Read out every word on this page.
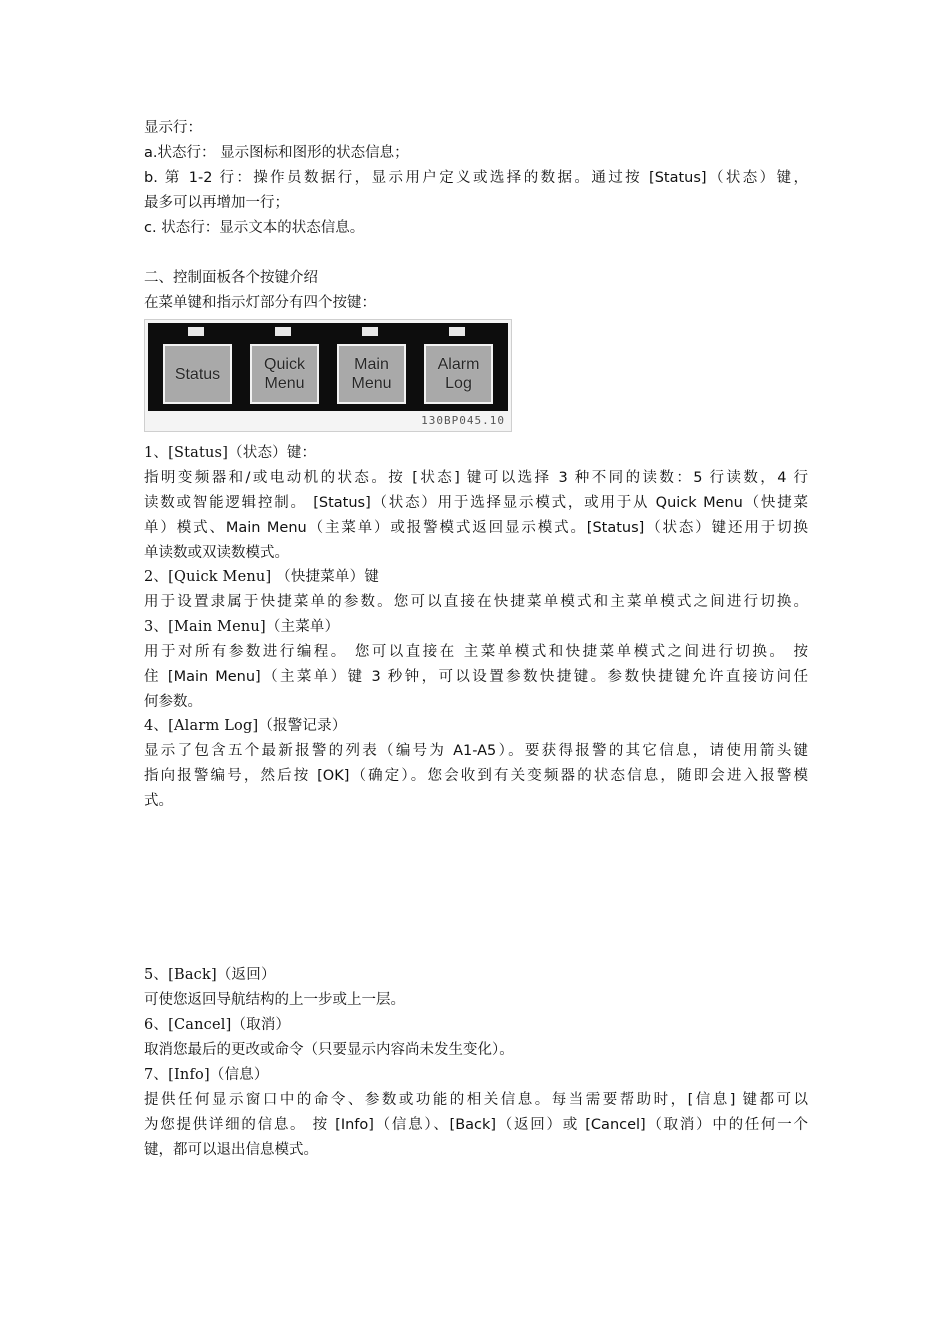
显示行：
a.状态行： 显示图标和图形的状态信息；
b. 第 1-2 行：操作员数据行，显示用户定义或选择的数据。通过按 [Status]（状态）键，
最多可以再增加一行；
c. 状态行：显示文本的状态信息。
二、控制面板各个按键介绍
在菜单键和指示灯部分有四个按键：
Status
Quick
Menu
Main
Menu
Alarm
Log
130BP045.10
1、[Status]（状态）键：
指明变频器和/或电动机的状态。按 [状态] 键可以选择 3 种不同的读数：5 行读数，4 行
读数或智能逻辑控制。 [Status]（状态）用于选择显示模式，或用于从 Quick Menu（快捷菜
单）模式、Main Menu（主菜单）或报警模式返回显示模式。[Status]（状态）键还用于切换
单读数或双读数模式。
2、[Quick Menu] （快捷菜单）键
用于设置隶属于快捷菜单的参数。您可以直接在快捷菜单模式和主菜单模式之间进行切换。
3、[Main Menu]（主菜单）
用于对所有参数进行编程。 您可以直接在 主菜单模式和快捷菜单模式之间进行切换。 按
住 [Main Menu]（主菜单）键 3 秒钟，可以设置参数快捷键。参数快捷键允许直接访问任
何参数。
4、[Alarm Log]（报警记录）
显示了包含五个最新报警的列表（编号为 A1-A5）。要获得报警的其它信息，请使用箭头键
指向报警编号，然后按 [OK]（确定）。您会收到有关变频器的状态信息，随即会进入报警模
式。
5、[Back]（返回）
可使您返回导航结构的上一步或上一层。
6、[Cancel]（取消）
取消您最后的更改或命令（只要显示内容尚未发生变化）。
7、[Info]（信息）
提供任何显示窗口中的命令、参数或功能的相关信息。每当需要帮助时，[信息] 键都可以
为您提供详细的信息。 按 [Info]（信息）、[Back]（返回）或 [Cancel]（取消）中的任何一个
键，都可以退出信息模式。
